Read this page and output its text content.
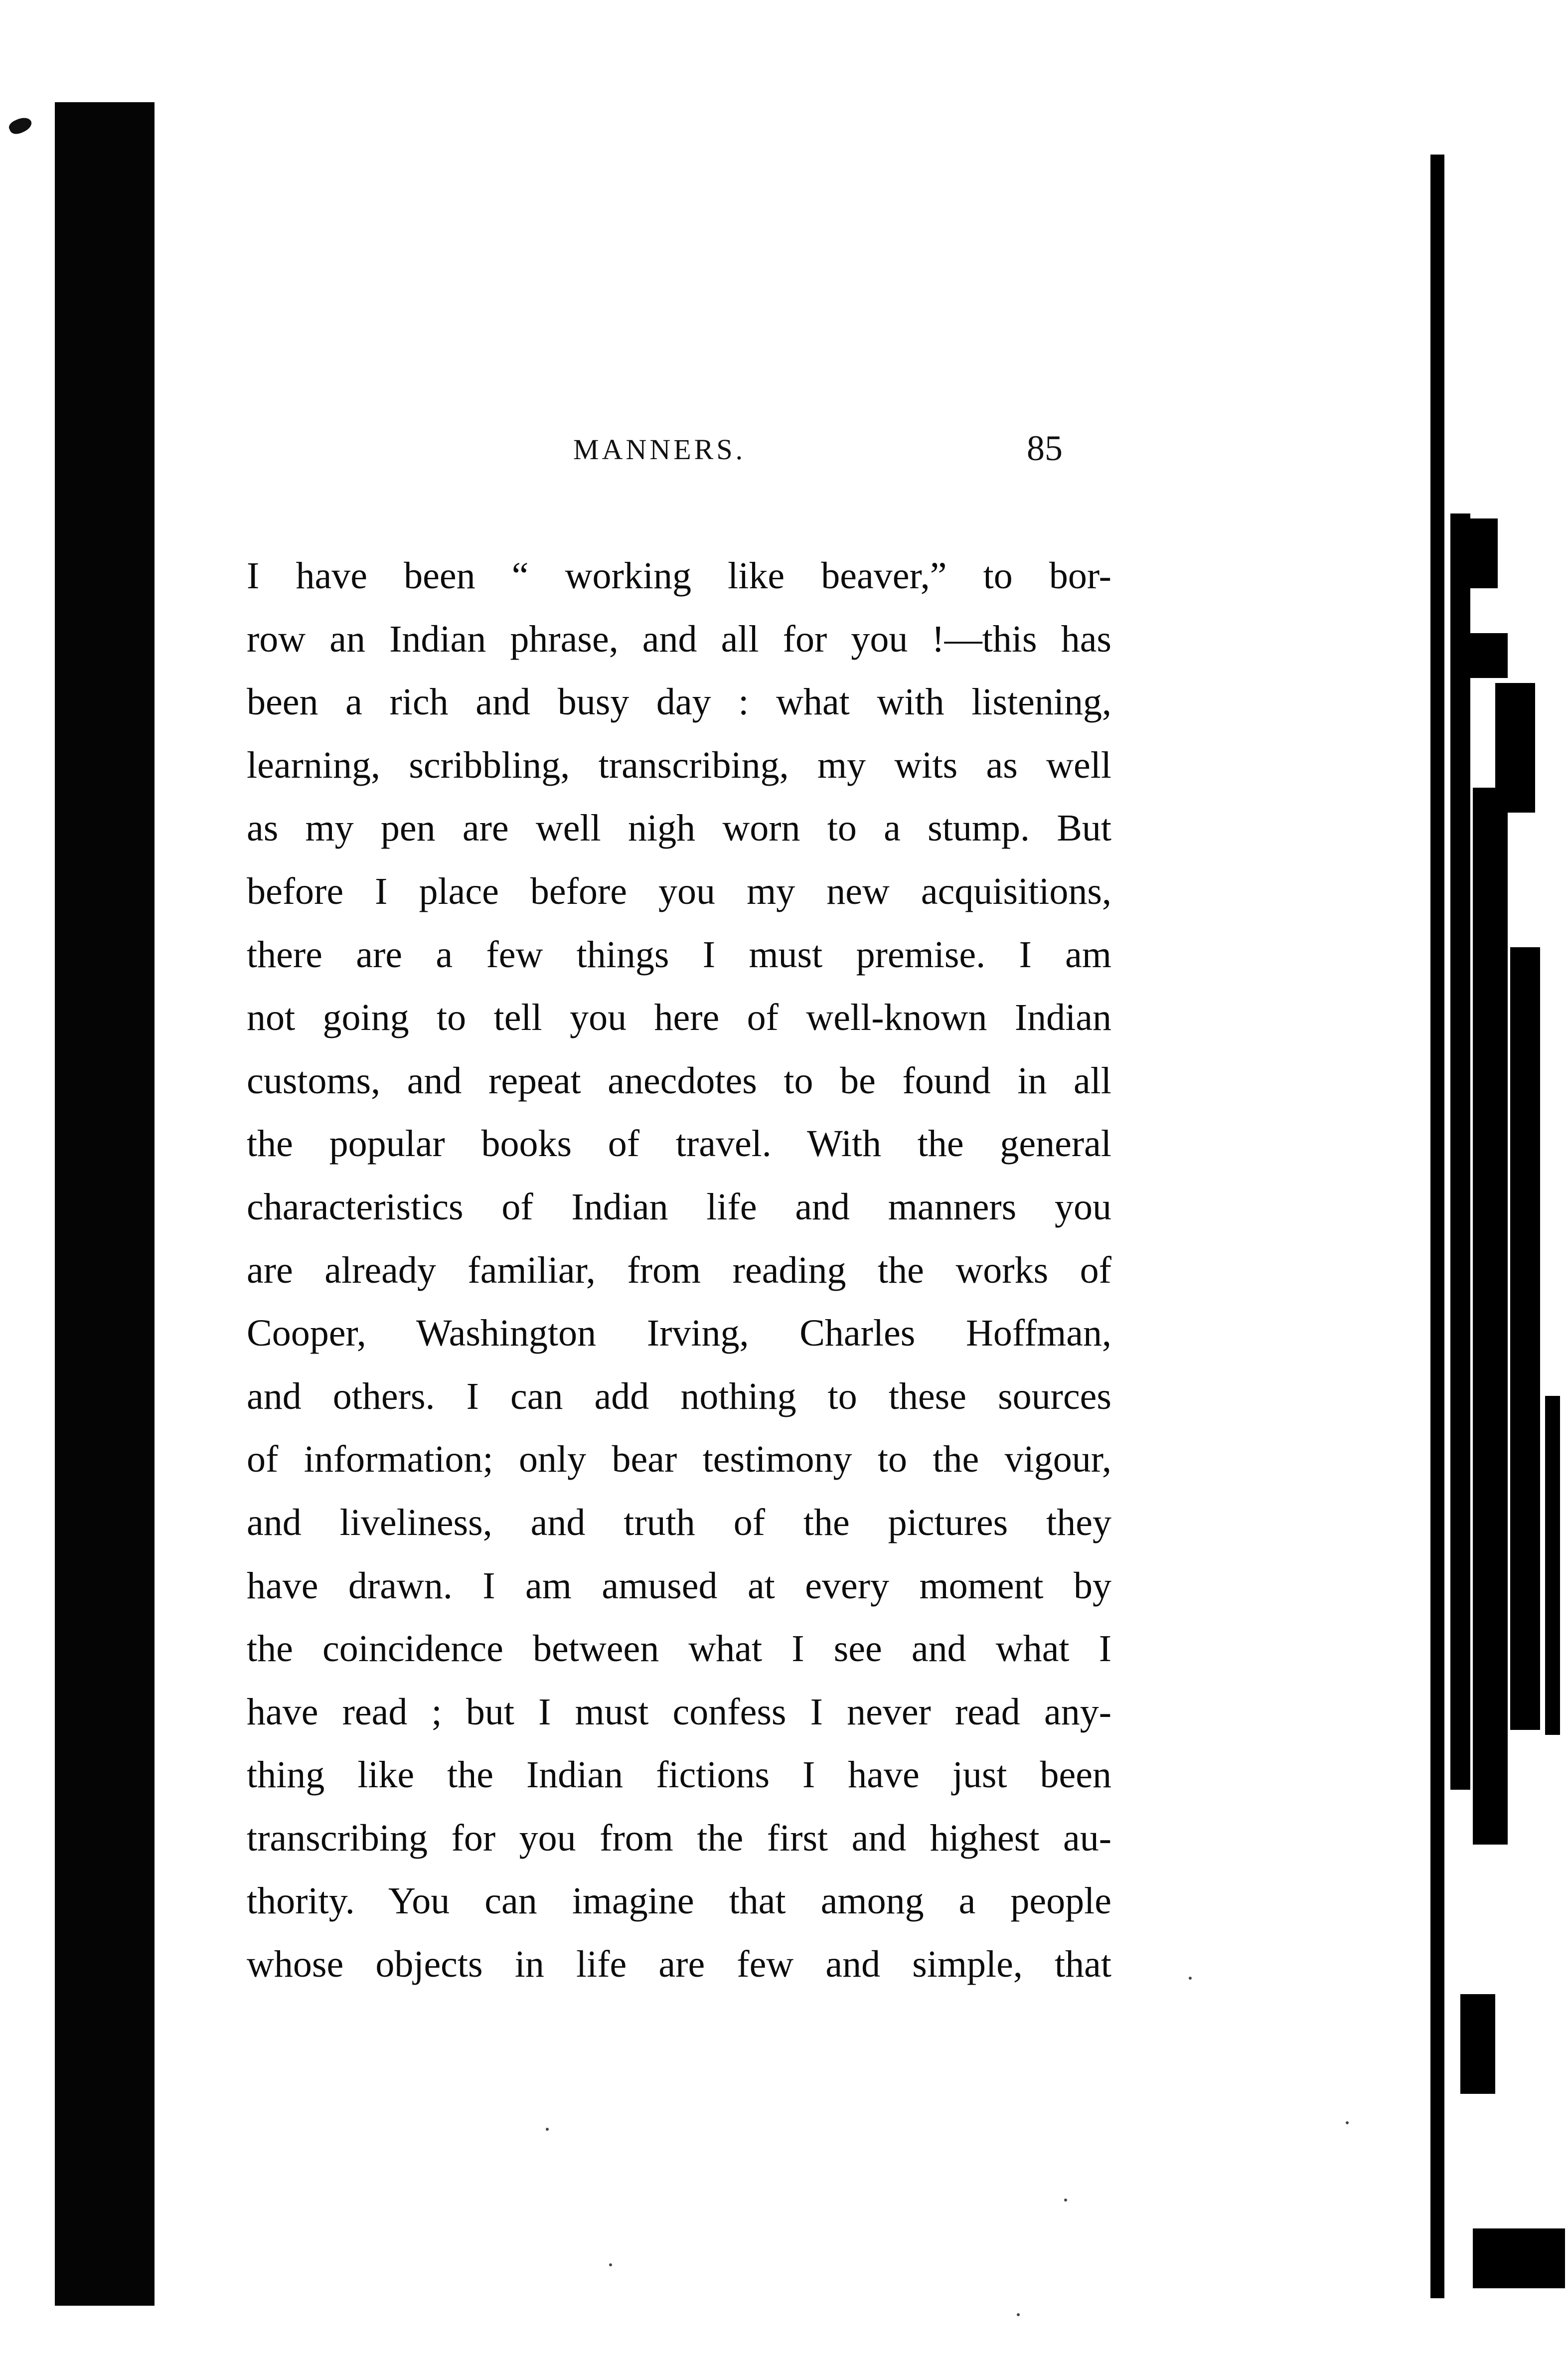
MANNERS.	85
I have been “ working like beaver,” to bor-
row an Indian phrase, and all for you !—this has
been a rich and busy day : what with listening,
learning, scribbling, transcribing, my wits as well
as my pen are well nigh worn to a stump. But
before I place before you my new acquisitions,
there are a few things I must premise. I am
not going to tell you here of well-known Indian
customs, and repeat anecdotes to be found in all
the popular books of travel. With the general
characteristics of Indian life and manners you
are already familiar, from reading the works of
Cooper, Washington Irving, Charles Hoffman,
and others. I can add nothing to these sources
of information; only bear testimony to the vigour,
and liveliness, and truth of the pictures they
have drawn. I am amused at every moment by
the coincidence between what I see and what I
have read ; but I must confess I never read any-
thing like the Indian fictions I have just been
transcribing for you from the first and highest au-
thority. You can imagine that among a people
whose objects in life are few and simple, that
